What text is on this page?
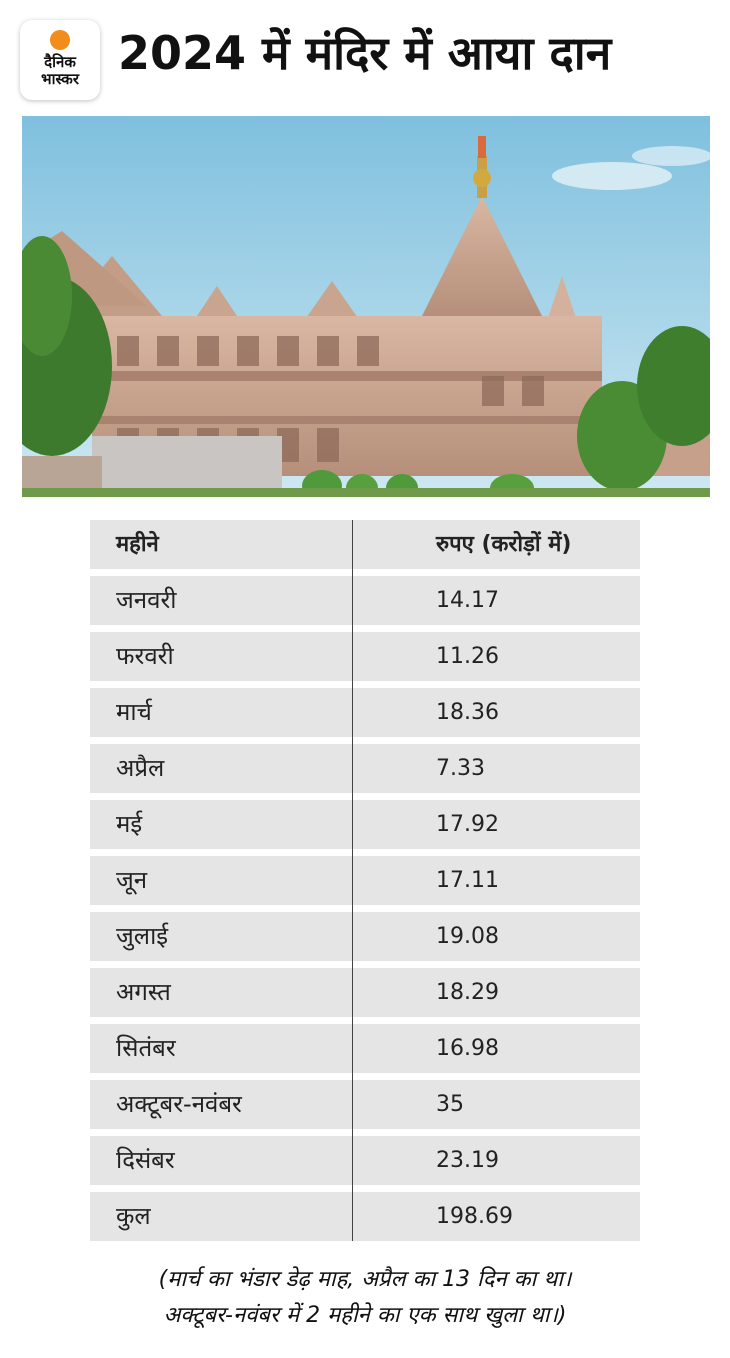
दैनिक
भास्कर 2024 में मंदिर में आया दान
महीने	रुपए (करोड़ों में)
जनवरी	14.17
फरवरी	11.26
मार्च	18.36
अप्रैल	7.33
मई	17.92
जून	17.11
जुलाई	19.08
अगस्त	18.29
सितंबर	16.98
अक्टूबर-नवंबर	35
दिसंबर	23.19
कुल	198.69
(मार्च का भंडार डेढ़ माह, अप्रैल का 13 दिन का था।
अक्टूबर-नवंबर में 2 महीने का एक साथ खुला था।)
